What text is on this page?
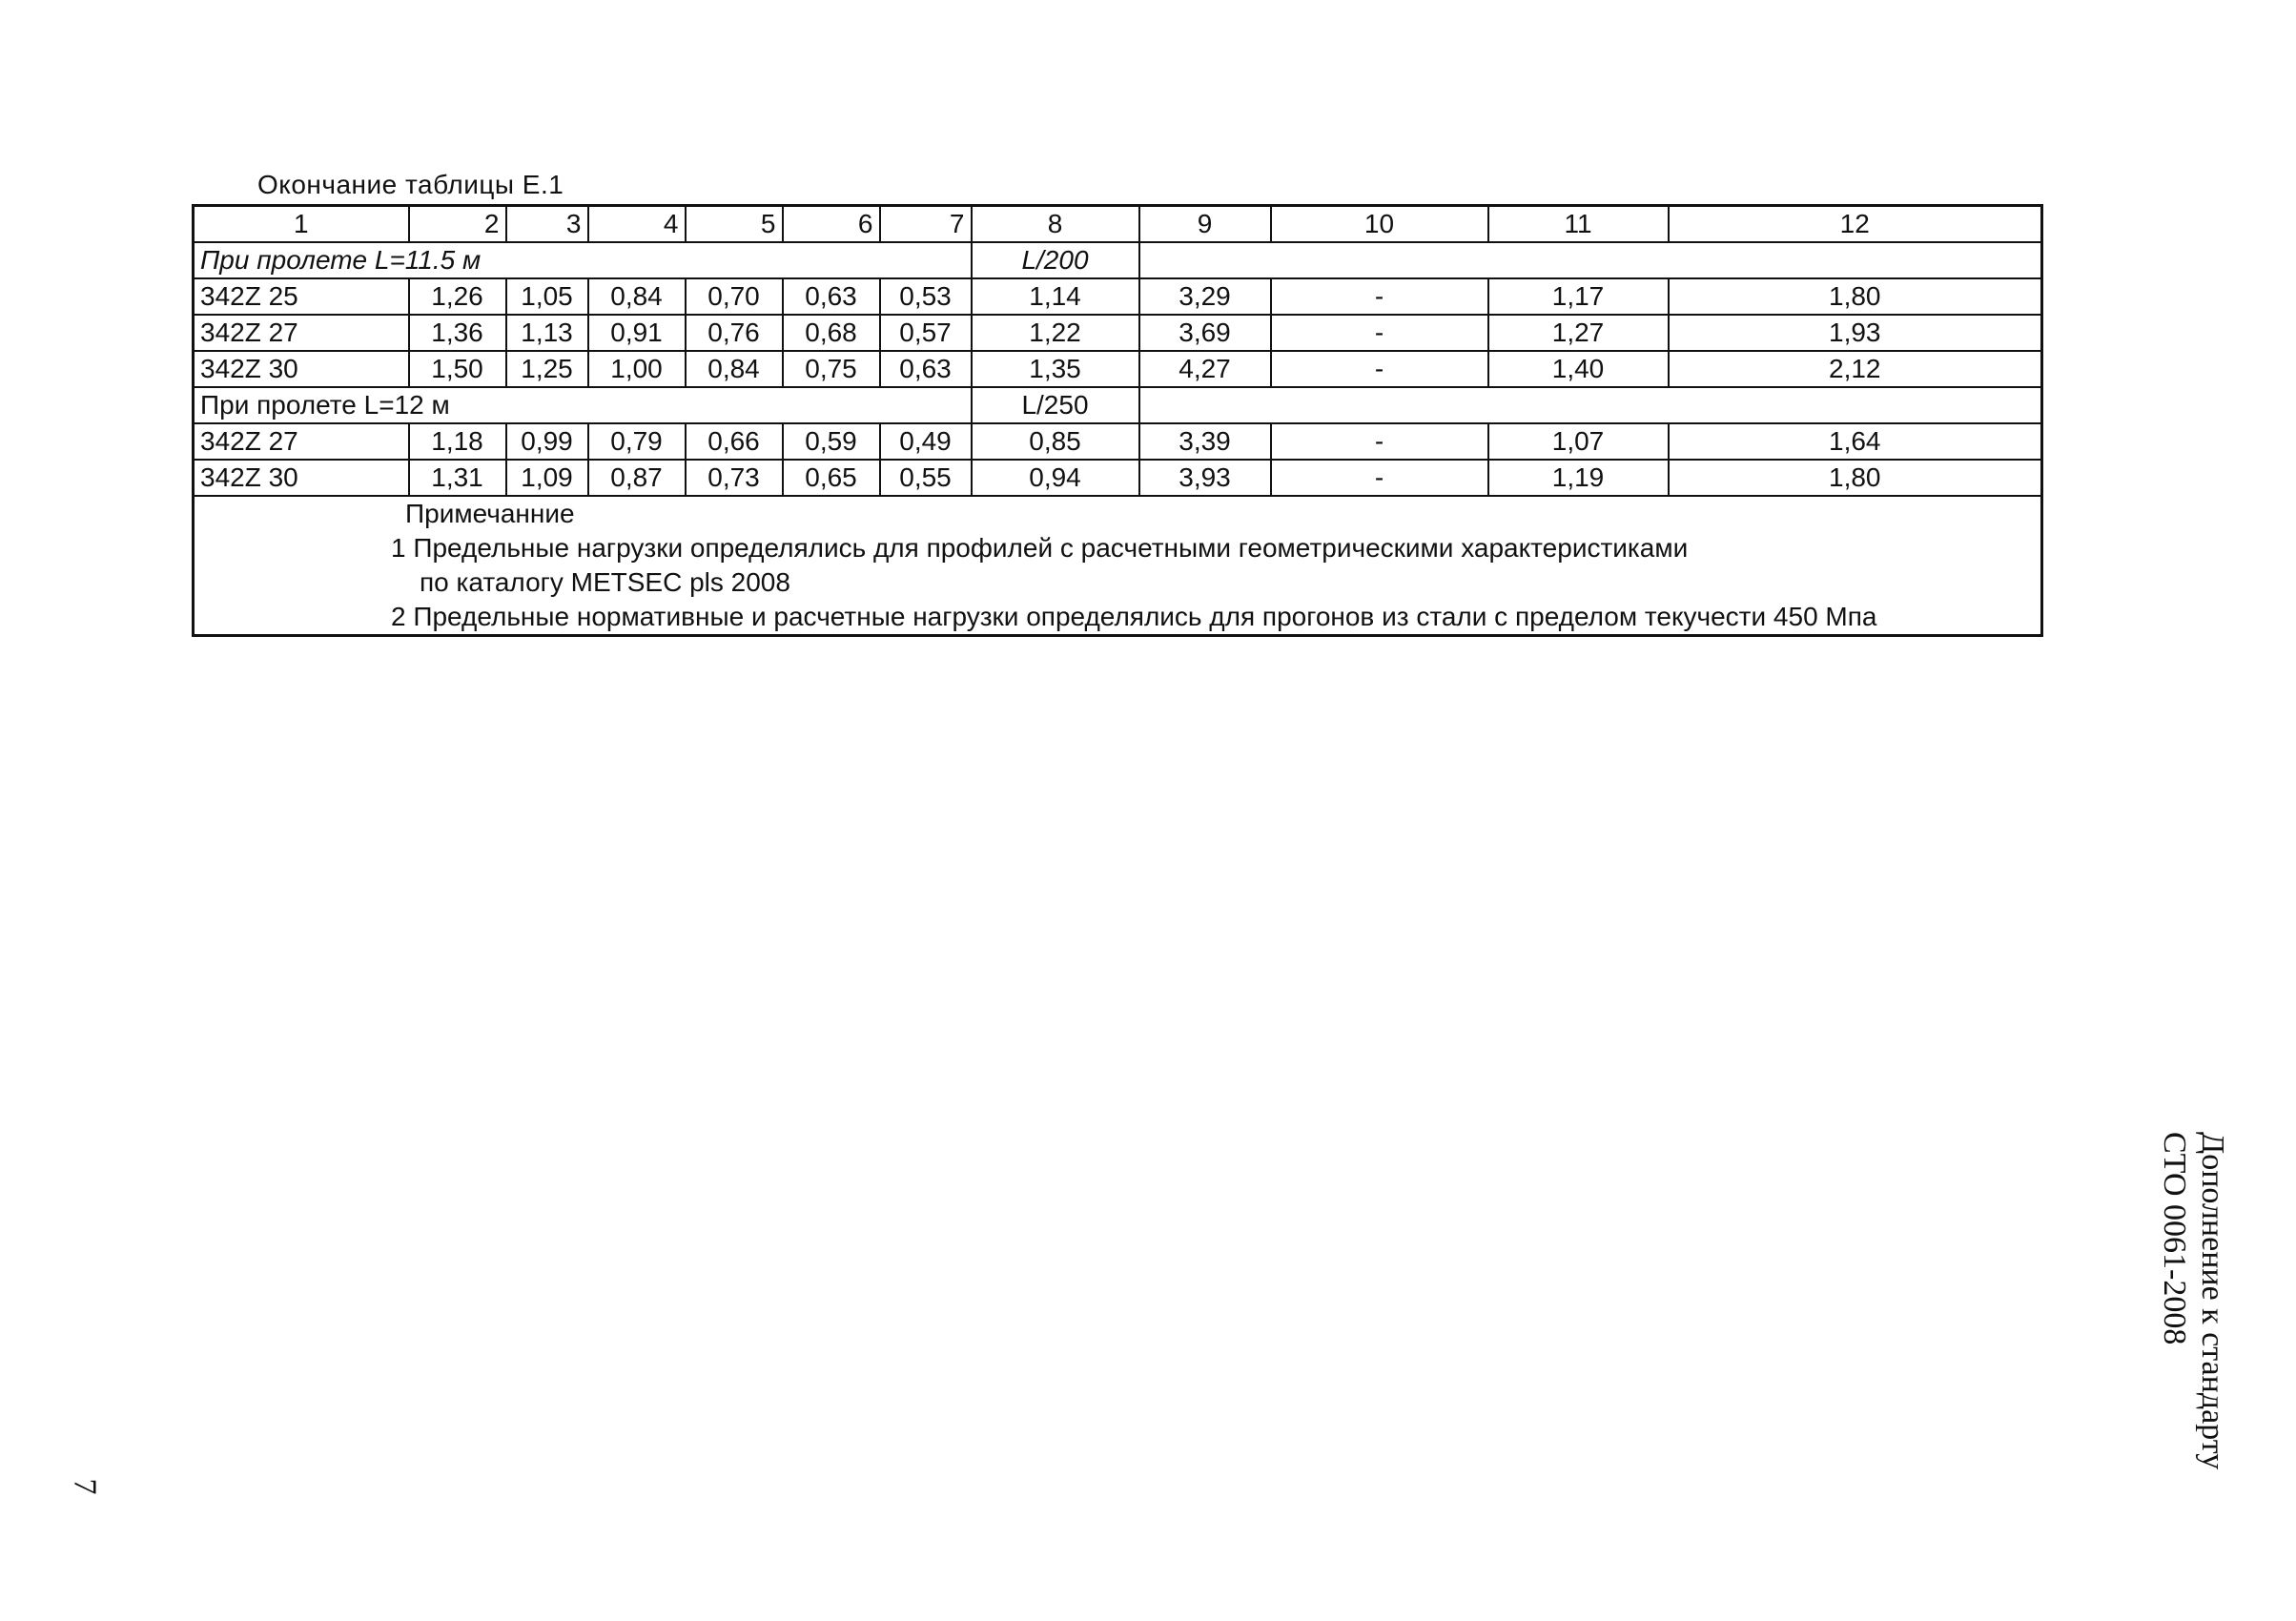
Окончание таблицы Е.1
1	2	3	4	5	6	7	8	9	10	11	12
При пролете L=11.5 м							L/200				
342Z 25	1,26	1,05	0,84	0,70	0,63	0,53	1,14	3,29	-	1,17	1,80
342Z 27	1,36	1,13	0,91	0,76	0,68	0,57	1,22	3,69	-	1,27	1,93
342Z 30	1,50	1,25	1,00	0,84	0,75	0,63	1,35	4,27	-	1,40	2,12
При пролете L=12 м							L/250				
342Z 27	1,18	0,99	0,79	0,66	0,59	0,49	0,85	3,39	-	1,07	1,64
342Z 30	1,31	1,09	0,87	0,73	0,65	0,55	0,94	3,93	-	1,19	1,80

Примечанние
1 Предельные нагрузки определялись для профилей с расчетными геометрическими характеристиками
по каталогу METSEC pls 2008
2 Предельные нормативные и расчетные нагрузки определялись для прогонов из стали с пределом текучести 450 Мпа											
Дополнение к стандарту
СТО 0061-2008
7
